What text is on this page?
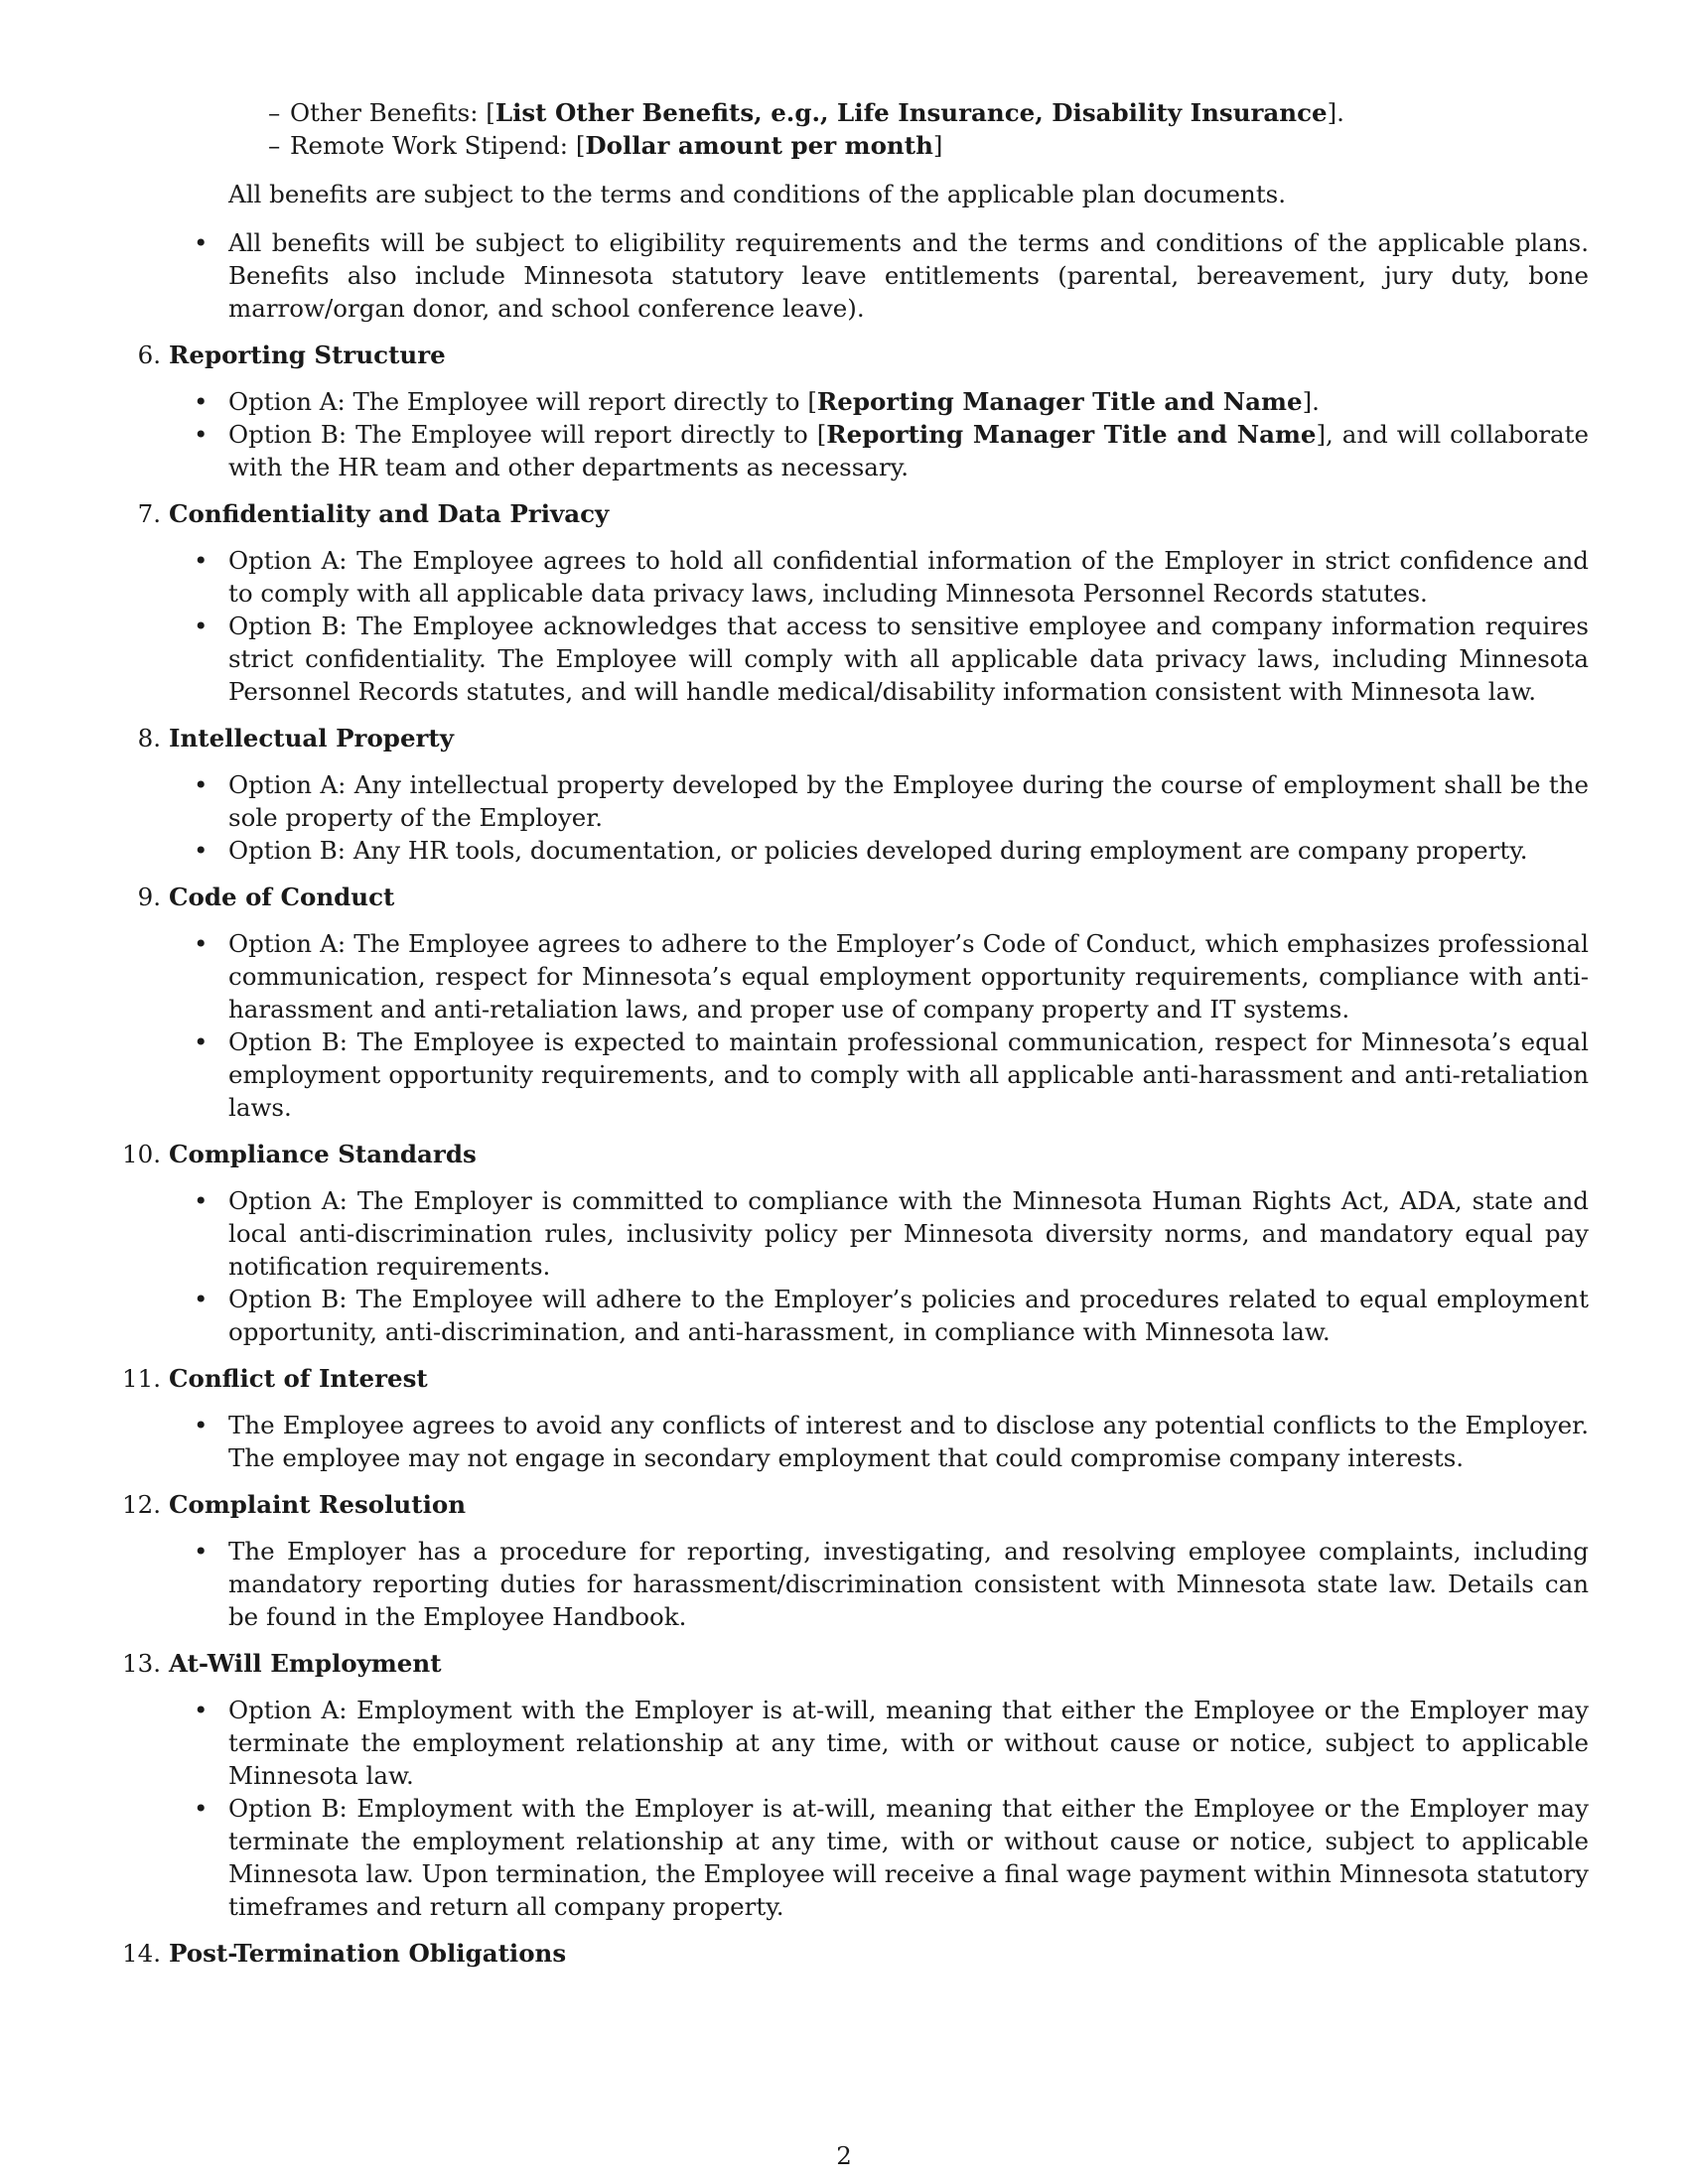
– Other Benefits: [List Other Benefits, e.g., Life Insurance, Disability Insurance].
– Remote Work Stipend: [Dollar amount per month]
All benefits are subject to the terms and conditions of the applicable plan documents.
• All benefits will be subject to eligibility requirements and the terms and conditions of the applicable plans. Benefits also include Minnesota statutory leave entitlements (parental, bereavement, jury duty, bone marrow/organ donor, and school conference leave).
6. Reporting Structure
• Option A: The Employee will report directly to [Reporting Manager Title and Name].
• Option B: The Employee will report directly to [Reporting Manager Title and Name], and will collaborate with the HR team and other departments as necessary.
7. Confidentiality and Data Privacy
• Option A: The Employee agrees to hold all confidential information of the Employer in strict confidence and to comply with all applicable data privacy laws, including Minnesota Personnel Records statutes.
• Option B: The Employee acknowledges that access to sensitive employee and company information requires strict confidentiality. The Employee will comply with all applicable data privacy laws, including Minnesota Personnel Records statutes, and will handle medical/disability information consistent with Minnesota law.
8. Intellectual Property
• Option A: Any intellectual property developed by the Employee during the course of employment shall be the sole property of the Employer.
• Option B: Any HR tools, documentation, or policies developed during employment are company property.
9. Code of Conduct
• Option A: The Employee agrees to adhere to the Employer’s Code of Conduct, which emphasizes professional communication, respect for Minnesota’s equal employment opportunity requirements, compliance with anti-harassment and anti-retaliation laws, and proper use of company property and IT systems.
• Option B: The Employee is expected to maintain professional communication, respect for Minnesota’s equal employment opportunity requirements, and to comply with all applicable anti-harassment and anti-retaliation laws.
10. Compliance Standards
• Option A: The Employer is committed to compliance with the Minnesota Human Rights Act, ADA, state and local anti-discrimination rules, inclusivity policy per Minnesota diversity norms, and mandatory equal pay notification requirements.
• Option B: The Employee will adhere to the Employer’s policies and procedures related to equal employment opportunity, anti-discrimination, and anti-harassment, in compliance with Minnesota law.
11. Conflict of Interest
• The Employee agrees to avoid any conflicts of interest and to disclose any potential conflicts to the Employer. The employee may not engage in secondary employment that could compromise company interests.
12. Complaint Resolution
• The Employer has a procedure for reporting, investigating, and resolving employee complaints, including mandatory reporting duties for harassment/discrimination consistent with Minnesota state law. Details can be found in the Employee Handbook.
13. At-Will Employment
• Option A: Employment with the Employer is at-will, meaning that either the Employee or the Employer may terminate the employment relationship at any time, with or without cause or notice, subject to applicable Minnesota law.
• Option B: Employment with the Employer is at-will, meaning that either the Employee or the Employer may terminate the employment relationship at any time, with or without cause or notice, subject to applicable Minnesota law. Upon termination, the Employee will receive a final wage payment within Minnesota statutory timeframes and return all company property.
14. Post-Termination Obligations
2
